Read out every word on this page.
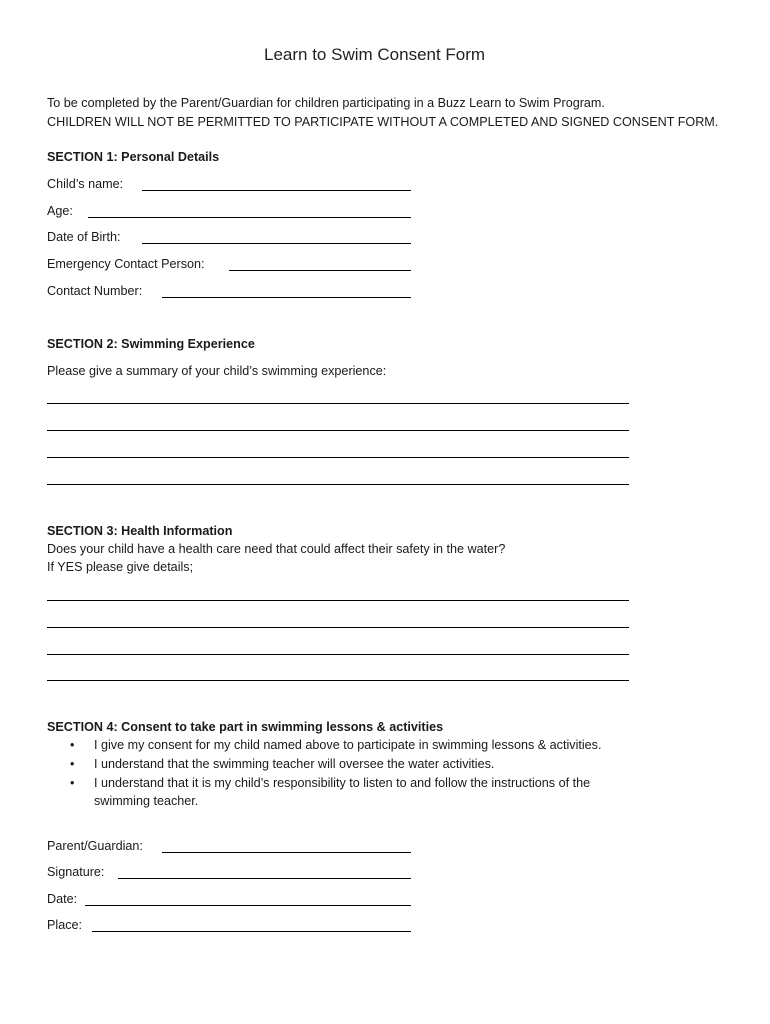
Learn to Swim Consent Form
To be completed by the Parent/Guardian for children participating in a Buzz Learn to Swim Program.
CHILDREN WILL NOT BE PERMITTED TO PARTICIPATE WITHOUT A COMPLETED AND SIGNED CONSENT FORM.
SECTION 1: Personal Details
Child’s name:
Age:
Date of Birth:
Emergency Contact Person:
Contact Number:
SECTION 2: Swimming Experience
Please give a summary of your child’s swimming experience:
SECTION 3: Health Information
Does your child have a health care need that could affect their safety in the water?
If YES please give details;
SECTION 4: Consent to take part in swimming lessons & activities
• I give my consent for my child named above to participate in swimming lessons & activities.
• I understand that the swimming teacher will oversee the water activities.
• I understand that it is my child’s responsibility to listen to and follow the instructions of the
swimming teacher.
Parent/Guardian:
Signature:
Date:
Place:
